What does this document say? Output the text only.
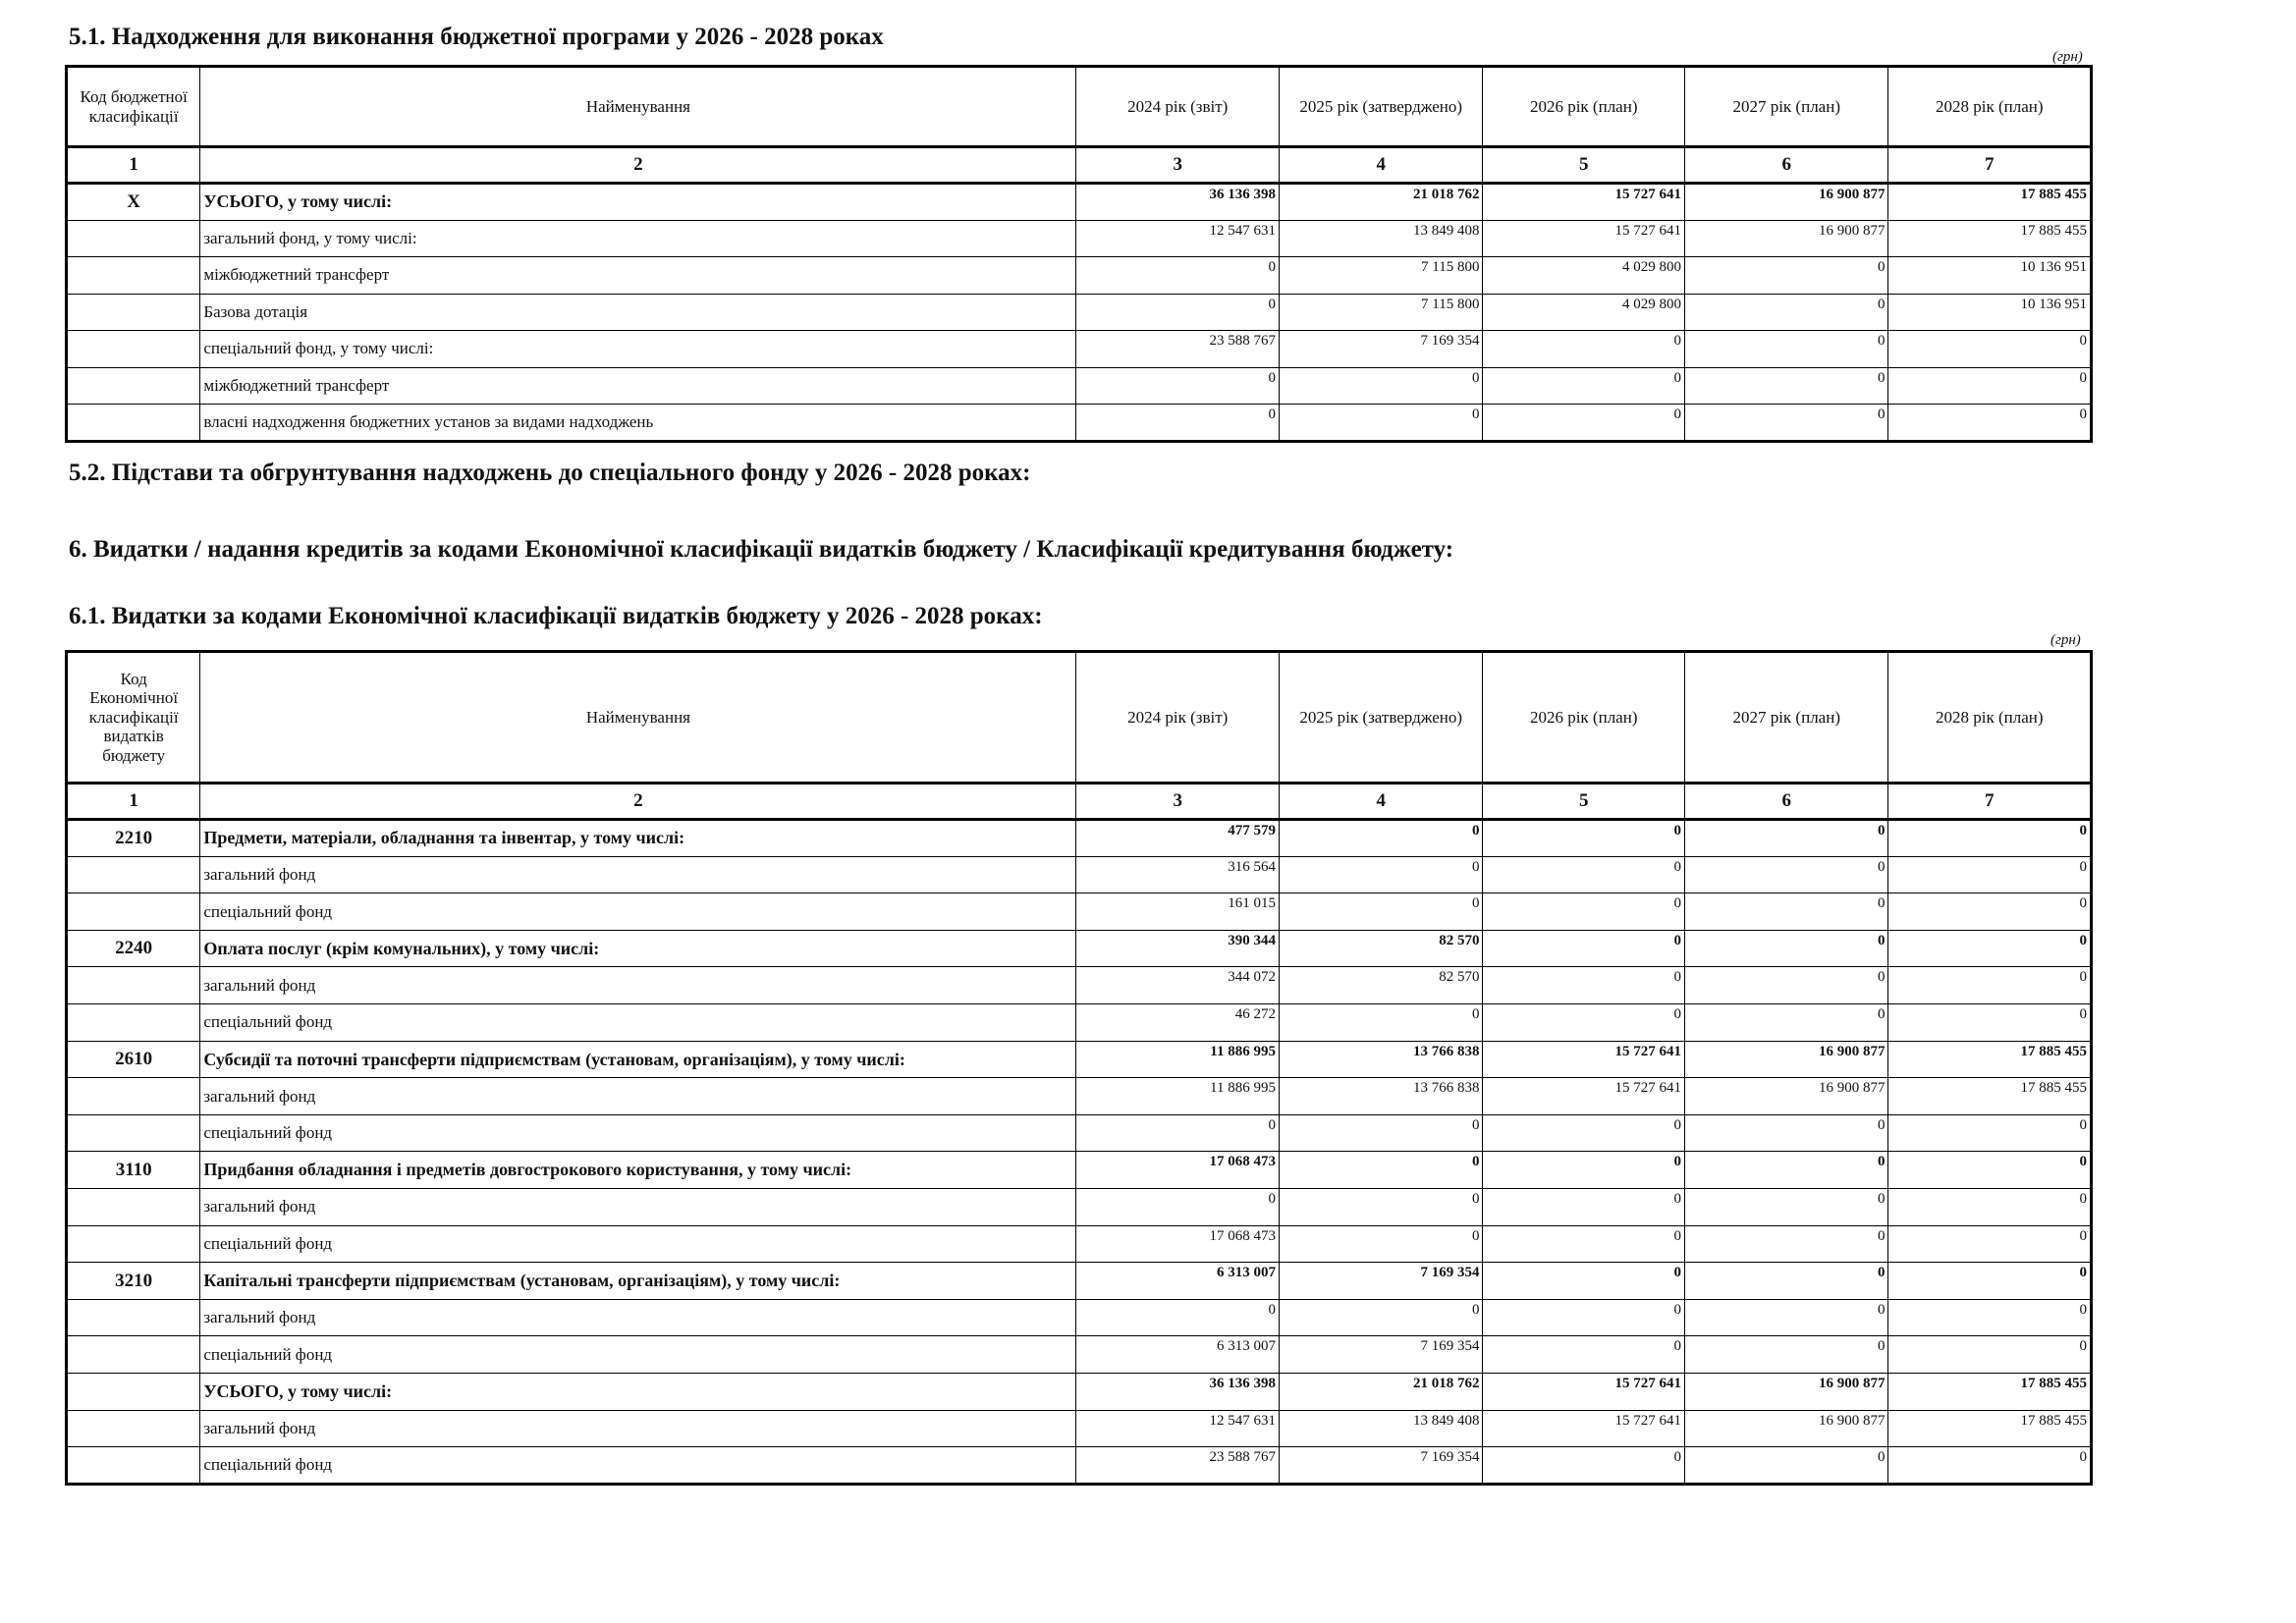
5.1. Надходження для виконання бюджетної програми у 2026 - 2028 роках
(грн)
Код бюджетної класифікації	Найменування	2024 рік (звіт)	2025 рік (затверджено)	2026 рік (план)	2027 рік (план)	2028 рік (план)
1	2	3	4	5	6	7
Х	УСЬОГО, у тому числі:	36 136 398	21 018 762	15 727 641	16 900 877	17 885 455
	загальний фонд, у тому числі:	12 547 631	13 849 408	15 727 641	16 900 877	17 885 455
	міжбюджетний трансферт	0	7 115 800	4 029 800	0	10 136 951
	Базова дотація	0	7 115 800	4 029 800	0	10 136 951
	спеціальний фонд, у тому числі:	23 588 767	7 169 354	0	0	0
	міжбюджетний трансферт	0	0	0	0	0
	власні надходження бюджетних установ за видами надходжень	0	0	0	0	0
5.2. Підстави та обгрунтування надходжень до спеціального фонду у 2026 - 2028 роках:
6. Видатки / надання кредитів за кодами Економічної класифікації видатків бюджету / Класифікації кредитування бюджету:
6.1. Видатки за кодами Економічної класифікації видатків бюджету у 2026 - 2028 роках:
(грн)
Код Економічної класифікації видатків бюджету	Найменування	2024 рік (звіт)	2025 рік (затверджено)	2026 рік (план)	2027 рік (план)	2028 рік (план)
1	2	3	4	5	6	7
2210	Предмети, матеріали, обладнання та інвентар, у тому числі:	477 579	0	0	0	0
	загальний фонд	316 564	0	0	0	0
	спеціальний фонд	161 015	0	0	0	0
2240	Оплата послуг (крім комунальних), у тому числі:	390 344	82 570	0	0	0
	загальний фонд	344 072	82 570	0	0	0
	спеціальний фонд	46 272	0	0	0	0
2610	Субсидії та поточні трансферти підприємствам (установам, організаціям), у тому числі:	11 886 995	13 766 838	15 727 641	16 900 877	17 885 455
	загальний фонд	11 886 995	13 766 838	15 727 641	16 900 877	17 885 455
	спеціальний фонд	0	0	0	0	0
3110	Придбання обладнання і предметів довгострокового користування, у тому числі:	17 068 473	0	0	0	0
	загальний фонд	0	0	0	0	0
	спеціальний фонд	17 068 473	0	0	0	0
3210	Капітальні трансферти підприємствам (установам, організаціям), у тому числі:	6 313 007	7 169 354	0	0	0
	загальний фонд	0	0	0	0	0
	спеціальний фонд	6 313 007	7 169 354	0	0	0
	УСЬОГО, у тому числі:	36 136 398	21 018 762	15 727 641	16 900 877	17 885 455
	загальний фонд	12 547 631	13 849 408	15 727 641	16 900 877	17 885 455
	спеціальний фонд	23 588 767	7 169 354	0	0	0
